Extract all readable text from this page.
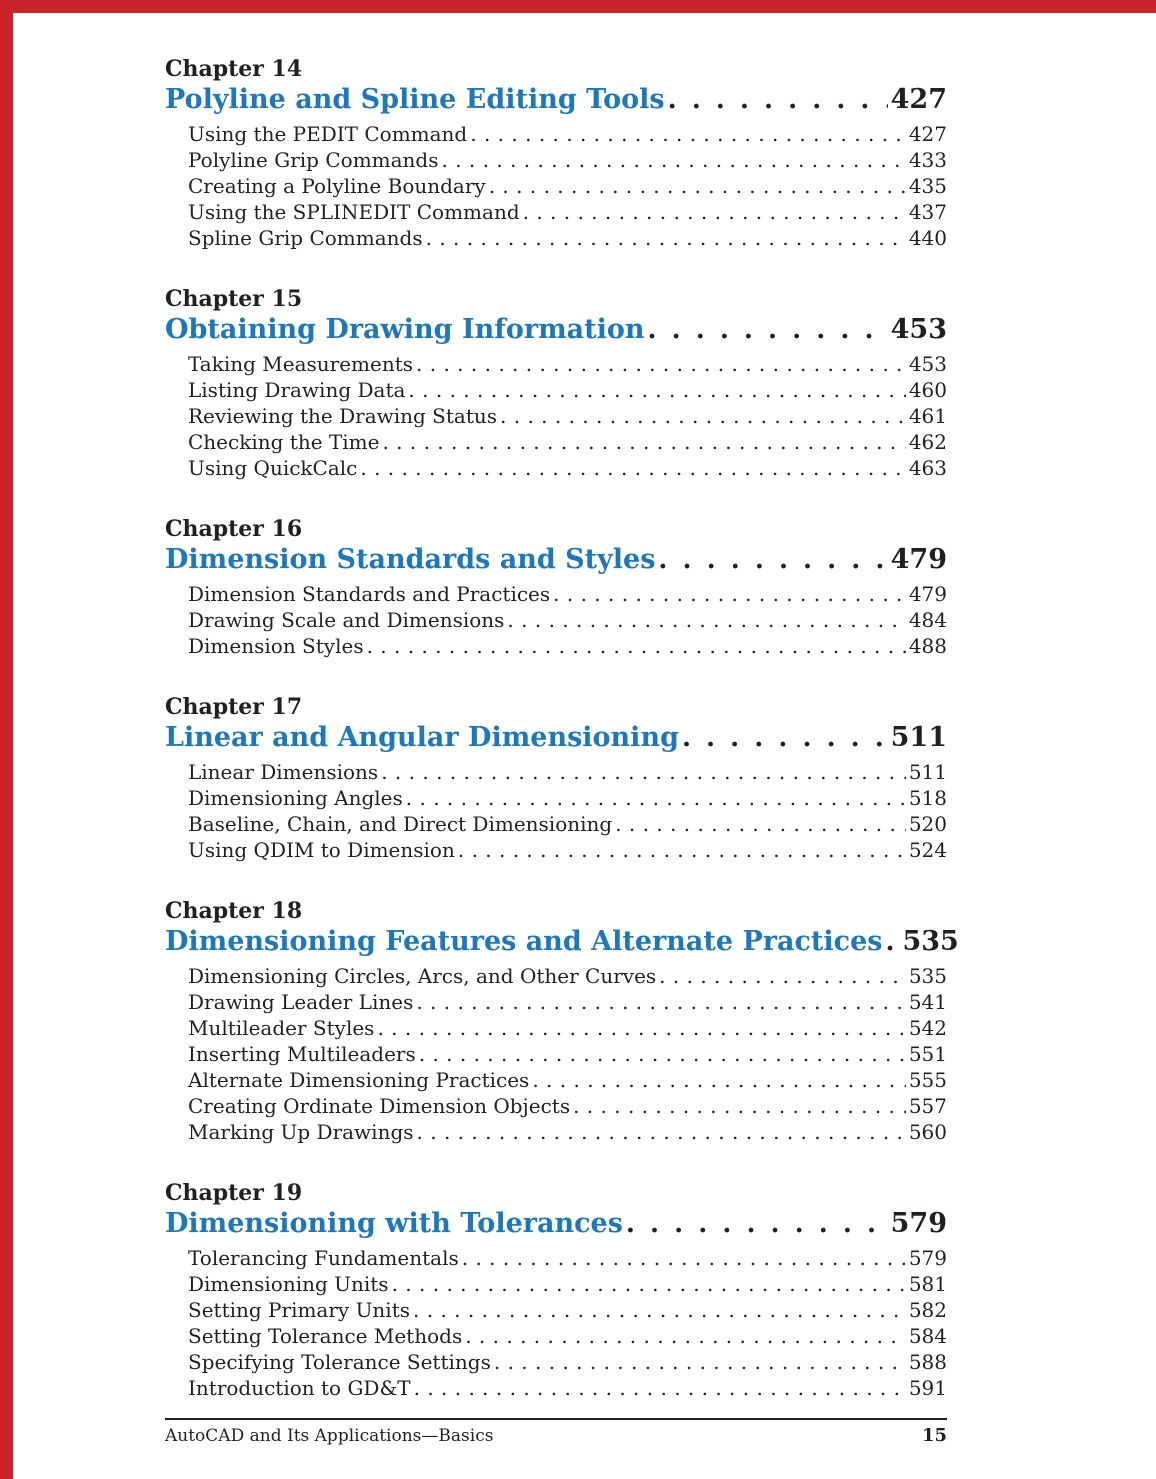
Chapter 14
Polyline and Spline Editing Tools . . .	427
Using the PEDIT Command . . .	427
Polyline Grip Commands . . .	433
Creating a Polyline Boundary . . .	435
Using the SPLINEDIT Command . . .	437
Spline Grip Commands . . .	440
Chapter 15
Obtaining Drawing Information . . .	453
Taking Measurements . . .	453
Listing Drawing Data . . .	460
Reviewing the Drawing Status . . .	461
Checking the Time . . .	462
Using QuickCalc . . .	463
Chapter 16
Dimension Standards and Styles . . .	479
Dimension Standards and Practices . . .	479
Drawing Scale and Dimensions . . .	484
Dimension Styles . . .	488
Chapter 17
Linear and Angular Dimensioning . . .	511
Linear Dimensions . . .	511
Dimensioning Angles . . .	518
Baseline, Chain, and Direct Dimensioning . . .	520
Using QDIM to Dimension . . .	524
Chapter 18
Dimensioning Features and Alternate Practices . . . 535
Dimensioning Circles, Arcs, and Other Curves . . .	535
Drawing Leader Lines . . .	541
Multileader Styles . . .	542
Inserting Multileaders . . .	551
Alternate Dimensioning Practices . . .	555
Creating Ordinate Dimension Objects . . .	557
Marking Up Drawings . . .	560
Chapter 19
Dimensioning with Tolerances . . .	579
Tolerancing Fundamentals . . .	579
Dimensioning Units . . .	581
Setting Primary Units . . .	582
Setting Tolerance Methods . . .	584
Specifying Tolerance Settings . . .	588
Introduction to GD&T . . .	591
AutoCAD and Its Applications—Basics	15
